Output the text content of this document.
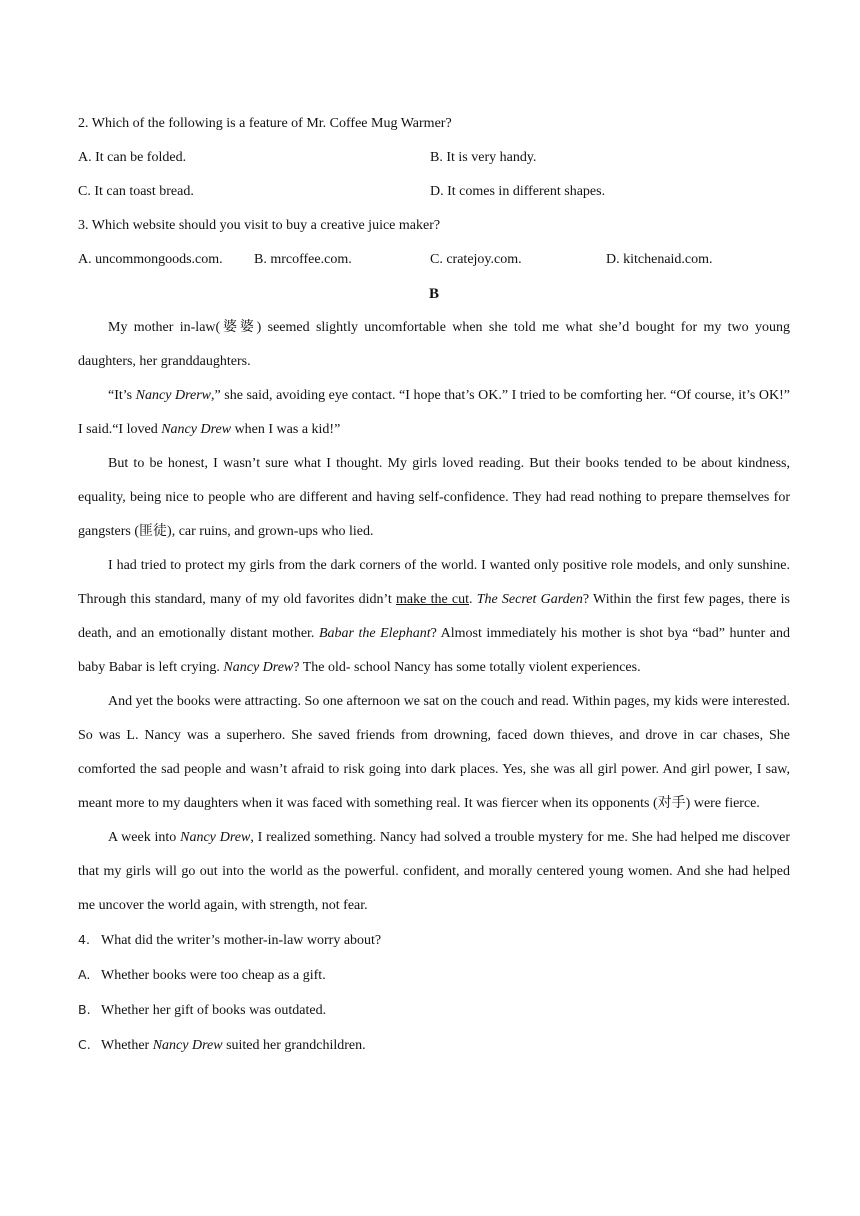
2. Which of the following is a feature of Mr. Coffee Mug Warmer?

A. It can be folded.	B. It is very handy.
C. It can toast bread.	D. It comes in different shapes.

3. Which website should you visit to buy a creative juice maker?

A. uncommongoods.com.	B. mrcoffee.com.	C. cratejoy.com.	D. kitchenaid.com.

B

My mother in-law(婆婆) seemed slightly uncomfortable when she told me what she’d bought for my two young daughters, her granddaughters.

“It’s Nancy Drerw,” she said, avoiding eye contact. “I hope that’s OK.” I tried to be comforting her. “Of course, it’s OK!” I said.“I loved Nancy Drew when I was a kid!”

But to be honest, I wasn’t sure what I thought. My girls loved reading. But their books tended to be about kindness, equality, being nice to people who are different and having self-confidence. They had read nothing to prepare themselves for gangsters (匪徒), car ruins, and grown-ups who lied.

I had tried to protect my girls from the dark corners of the world. I wanted only positive role models, and only sunshine. Through this standard, many of my old favorites didn’t make the cut. The Secret Garden? Within the first few pages, there is death, and an emotionally distant mother. Babar the Elephant? Almost immediately his mother is shot bya “bad” hunter and baby Babar is left crying. Nancy Drew? The old- school Nancy has some totally violent experiences.

And yet the books were attracting. So one afternoon we sat on the couch and read. Within pages, my kids were interested. So was L. Nancy was a superhero. She saved friends from drowning, faced down thieves, and drove in car chases, She comforted the sad people and wasn’t afraid to risk going into dark places. Yes, she was all girl power. And girl power, I saw, meant more to my daughters when it was faced with something real. It was fiercer when its opponents (对手) were fierce.

A week into Nancy Drew, I realized something. Nancy had solved a trouble mystery for me. She had helped me discover that my girls will go out into the world as the powerful. confident, and morally centered young women. And she had helped me uncover the world again, with strength, not fear.

4. What did the writer’s mother-in-law worry about?

A. Whether books were too cheap as a gift.

B. Whether her gift of books was outdated.

C. Whether Nancy Drew suited her grandchildren.
